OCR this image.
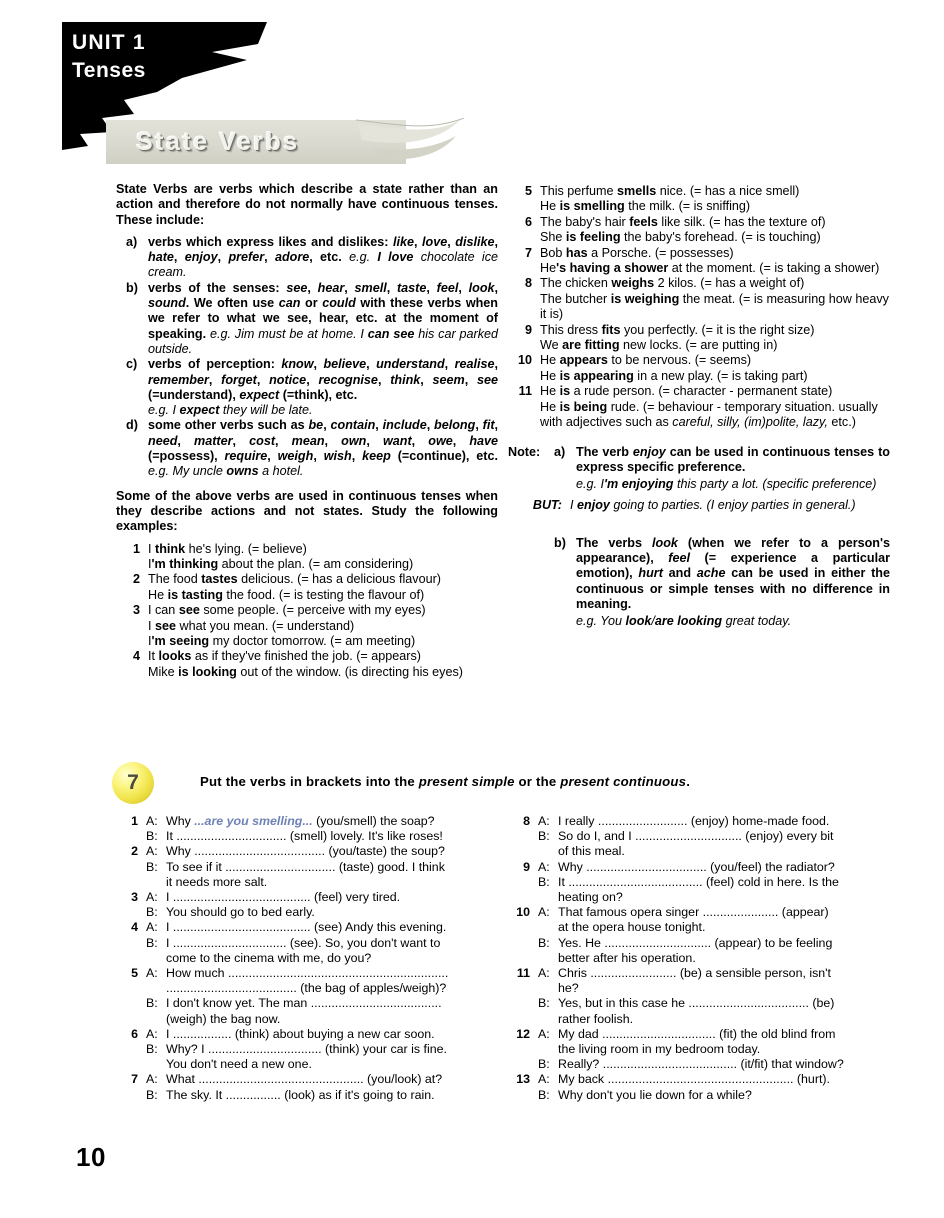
UNIT 1
Tenses
State Verbs

State Verbs are verbs which describe a state rather than an action and therefore do not normally have continuous tenses. These include:

a) verbs which express likes and dislikes: like, love, dislike, hate, enjoy, prefer, adore, etc. e.g. I love chocolate ice cream.
b) verbs of the senses: see, hear, smell, taste, feel, look, sound. We often use can or could with these verbs when we refer to what we see, hear, etc. at the moment of speaking. e.g. Jim must be at home. I can see his car parked outside.
c) verbs of perception: know, believe, understand, realise, remember, forget, notice, recognise, think, seem, see (=understand), expect (=think), etc.
e.g. I expect they will be late.
d) some other verbs such as be, contain, include, belong, fit, need, matter, cost, mean, own, want, owe, have (=possess), require, weigh, wish, keep (=continue), etc. e.g. My uncle owns a hotel.

Some of the above verbs are used in continuous tenses when they describe actions and not states. Study the following examples:

1 I think he's lying. (= believe)
I'm thinking about the plan. (= am considering)
2 The food tastes delicious. (= has a delicious flavour)
He is tasting the food. (= is testing the flavour of)
3 I can see some people. (= perceive with my eyes)
I see what you mean. (= understand)
I'm seeing my doctor tomorrow. (= am meeting)
4 It looks as if they've finished the job. (= appears)
Mike is looking out of the window. (is directing his eyes)
5 This perfume smells nice. (= has a nice smell)
He is smelling the milk. (= is sniffing)
6 The baby's hair feels like silk. (= has the texture of)
She is feeling the baby's forehead. (= is touching)
7 Bob has a Porsche. (= possesses)
He's having a shower at the moment. (= is taking a shower)
8 The chicken weighs 2 kilos. (= has a weight of)
The butcher is weighing the meat. (= is measuring how heavy it is)
9 This dress fits you perfectly. (= it is the right size)
We are fitting new locks. (= are putting in)
10 He appears to be nervous. (= seems)
He is appearing in a new play. (= is taking part)
11 He is a rude person. (= character - permanent state)
He is being rude. (= behaviour - temporary situation. usually with adjectives such as careful, silly, (im)polite, lazy, etc.)
Note:	a) The verb enjoy can be used in continuous tenses to express specific preference.
e.g. I'm enjoying this party a lot. (specific preference)
BUT: I enjoy going to parties. (I enjoy parties in general.)
b) The verbs look (when we refer to a person's appearance), feel (= experience a particular emotion), hurt and ache can be used in either the continuous or simple tenses with no difference in meaning.
e.g. You look/are looking great today.
7	Put the verbs in brackets into the present simple or the present continuous.
1 A: Why ...are you smelling... (you/smell) the soap?
B: It ................................ (smell) lovely. It's like roses!
2 A: Why ...................................... (you/taste) the soup?
B: To see if it ................................ (taste) good. I think
it needs more salt.
3 A: I ........................................ (feel) very tired.
B: You should go to bed early.
4 A: I ........................................ (see) Andy this evening.
B: I ................................. (see). So, you don't want to
come to the cinema with me, do you?
5 A: How much ................................................................
...................................... (the bag of apples/weigh)?
B: I don't know yet. The man ......................................
(weigh) the bag now.
6 A: I ................. (think) about buying a new car soon.
B: Why? I ................................. (think) your car is fine.
You don't need a new one.
7 A: What ................................................ (you/look) at?
B: The sky. It ................ (look) as if it's going to rain.
8 A: I really .......................... (enjoy) home-made food.
B: So do I, and I ............................... (enjoy) every bit
of this meal.
9 A: Why ................................... (you/feel) the radiator?
B: It ....................................... (feel) cold in here. Is the
heating on?
10 A: That famous opera singer ...................... (appear)
at the opera house tonight.
B: Yes. He ............................... (appear) to be feeling
better after his operation.
11 A: Chris ......................... (be) a sensible person, isn't
he?
B: Yes, but in this case he ................................... (be)
rather foolish.
12 A: My dad ................................. (fit) the old blind from
the living room in my bedroom today.
B: Really? ....................................... (it/fit) that window?
13 A: My back ...................................................... (hurt).
B: Why don't you lie down for a while?
10
